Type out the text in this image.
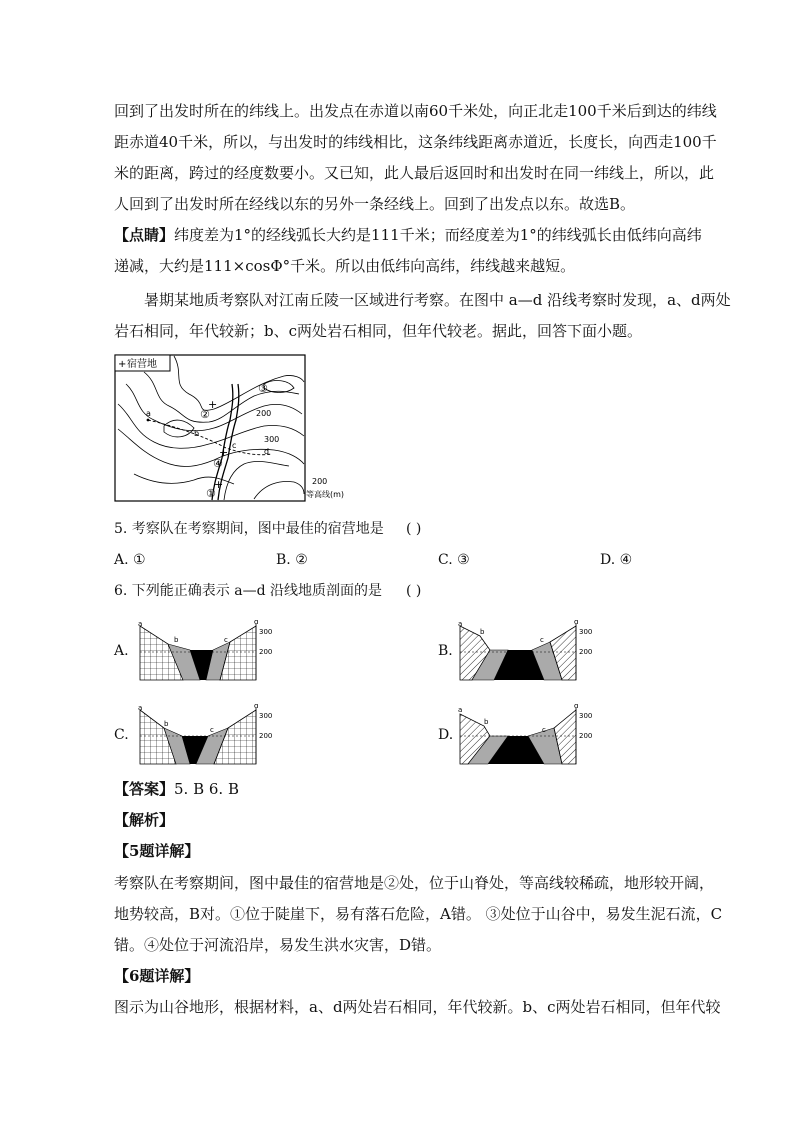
回到了出发时所在的纬线上。出发点在赤道以南60千米处，向正北走100千米后到达的纬线
距赤道40千米，所以，与出发时的纬线相比，这条纬线距离赤道近，长度长，向西走100千
米的距离，跨过的经度数要小。又已知，此人最后返回时和出发时在同一纬线上，所以，此
人回到了出发时所在经线以东的另外一条经线上。回到了出发点以东。故选B。
【点睛】纬度差为1°的经线弧长大约是111千米；而经度差为1°的纬线弧长由低纬向高纬
递减，大约是111×cosΦ°千米。所以由低纬向高纬，纬线越来越短。
暑期某地质考察队对江南丘陵一区域进行考察。在图中 a—d 沿线考察时发现，a、d两处
岩石相同，年代较新；b、c两处岩石相同，但年代较老。据此，回答下面小题。
+ 宿营地
a
b
c
d
②
+
③
④
+
①
+
200
300
200
等高线(m)
5. 考察队在考察期间，图中最佳的宿营地是 ( )
A. ①	B. ②	C. ③	D. ④
6. 下列能正确表示 a—d 沿线地质剖面的是 ( )
A.	B.
C.	D.
a
b	c
d
300
200
a
b
c
d
300
200
a
b
c
d
300
200
a
b
c
d
300
200
【答案】5. B 6. B
【解析】
【5题详解】
考察队在考察期间，图中最佳的宿营地是②处，位于山脊处，等高线较稀疏，地形较开阔，
地势较高，B对。①位于陡崖下，易有落石危险，A错。 ③处位于山谷中，易发生泥石流，C
错。④处位于河流沿岸，易发生洪水灾害，D错。
【6题详解】
图示为山谷地形，根据材料，a、d两处岩石相同，年代较新。b、c两处岩石相同，但年代较
